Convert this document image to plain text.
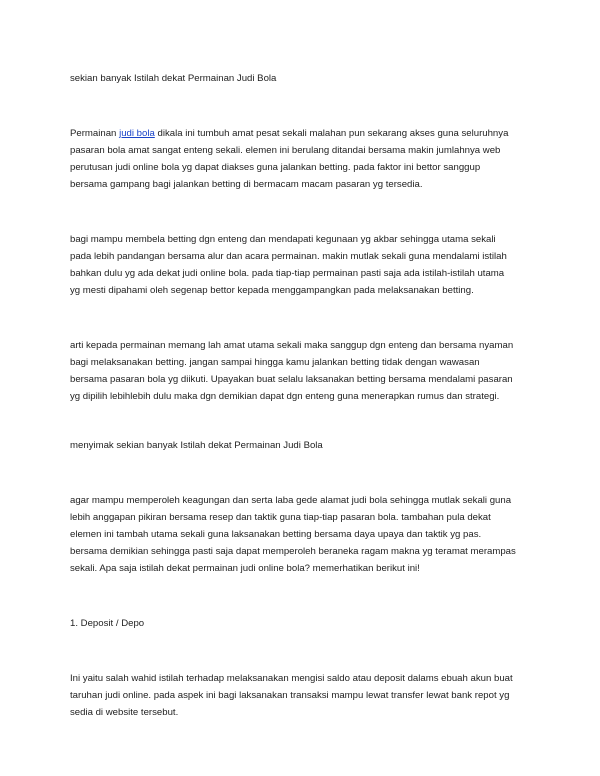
sekian banyak Istilah dekat Permainan Judi Bola

Permainan judi bola dikala ini tumbuh amat pesat sekali malahan pun sekarang akses guna seluruhnya

pasaran bola amat sangat enteng sekali. elemen ini berulang ditandai bersama makin jumlahnya web

perutusan judi online bola yg dapat diakses guna jalankan betting. pada faktor ini bettor sanggup

bersama gampang bagi jalankan betting di bermacam macam pasaran yg tersedia.

bagi mampu membela betting dgn enteng dan mendapati kegunaan yg akbar sehingga utama sekali

pada lebih pandangan bersama alur dan acara permainan. makin mutlak sekali guna mendalami istilah

bahkan dulu yg ada dekat judi online bola. pada tiap-tiap permainan pasti saja ada istilah-istilah utama

yg mesti dipahami oleh segenap bettor kepada menggampangkan pada melaksanakan betting.

arti kepada permainan memang lah amat utama sekali maka sanggup dgn enteng dan bersama nyaman

bagi melaksanakan betting. jangan sampai hingga kamu jalankan betting tidak dengan wawasan

bersama pasaran bola yg diikuti. Upayakan buat selalu laksanakan betting bersama mendalami pasaran

yg dipilih lebihlebih dulu maka dgn demikian dapat dgn enteng guna menerapkan rumus dan strategi.

menyimak sekian banyak Istilah dekat Permainan Judi Bola

agar mampu memperoleh keagungan dan serta laba gede alamat judi bola sehingga mutlak sekali guna

lebih anggapan pikiran bersama resep dan taktik guna tiap-tiap pasaran bola. tambahan pula dekat

elemen ini tambah utama sekali guna laksanakan betting bersama daya upaya dan taktik yg pas.

bersama demikian sehingga pasti saja dapat memperoleh beraneka ragam makna yg teramat merampas

sekali. Apa saja istilah dekat permainan judi online bola? memerhatikan berikut ini!

1. Deposit / Depo

Ini yaitu salah wahid istilah terhadap melaksanakan mengisi saldo atau deposit dalams ebuah akun buat

taruhan judi online. pada aspek ini bagi laksanakan transaksi mampu lewat transfer lewat bank repot yg

sedia di website tersebut.
